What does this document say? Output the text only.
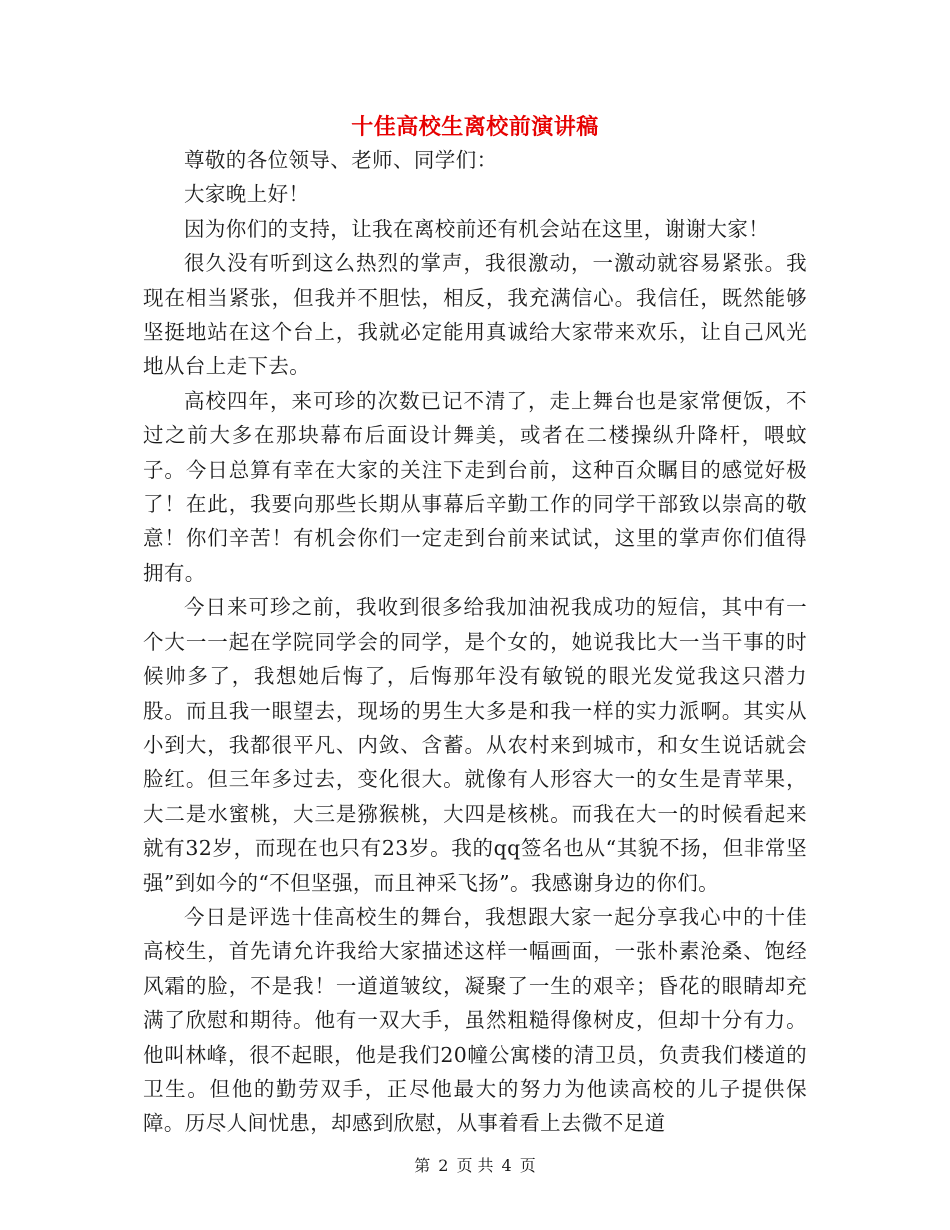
十佳高校生离校前演讲稿

尊敬的各位领导、老师、同学们：

大家晚上好！

因为你们的支持，让我在离校前还有机会站在这里，谢谢大家！

很久没有听到这么热烈的掌声，我很激动，一激动就容易紧张。我现在相当紧张，但我并不胆怯，相反，我充满信心。我信任，既然能够坚挺地站在这个台上，我就必定能用真诚给大家带来欢乐，让自己风光地从台上走下去。

高校四年，来可珍的次数已记不清了，走上舞台也是家常便饭，不过之前大多在那块幕布后面设计舞美，或者在二楼操纵升降杆，喂蚊子。今日总算有幸在大家的关注下走到台前，这种百众瞩目的感觉好极了！在此，我要向那些长期从事幕后辛勤工作的同学干部致以崇高的敬意！你们辛苦！有机会你们一定走到台前来试试，这里的掌声你们值得拥有。

今日来可珍之前，我收到很多给我加油祝我成功的短信，其中有一个大一一起在学院同学会的同学，是个女的，她说我比大一当干事的时候帅多了，我想她后悔了，后悔那年没有敏锐的眼光发觉我这只潜力股。而且我一眼望去，现场的男生大多是和我一样的实力派啊。其实从小到大，我都很平凡、内敛、含蓄。从农村来到城市，和女生说话就会脸红。但三年多过去，变化很大。就像有人形容大一的女生是青苹果，大二是水蜜桃，大三是猕猴桃，大四是核桃。而我在大一的时候看起来就有32岁，而现在也只有23岁。我的qq签名也从“其貌不扬，但非常坚强”到如今的“不但坚强，而且神采飞扬”。我感谢身边的你们。

今日是评选十佳高校生的舞台，我想跟大家一起分享我心中的十佳高校生，首先请允许我给大家描述这样一幅画面，一张朴素沧桑、饱经风霜的脸，不是我！一道道皱纹，凝聚了一生的艰辛；昏花的眼睛却充满了欣慰和期待。他有一双大手，虽然粗糙得像树皮，但却十分有力。他叫林峰，很不起眼，他是我们20幢公寓楼的清卫员，负责我们楼道的卫生。但他的勤劳双手，正尽他最大的努力为他读高校的儿子提供保障。历尽人间忧患，却感到欣慰，从事着看上去微不足道

第 2 页 共 4 页
